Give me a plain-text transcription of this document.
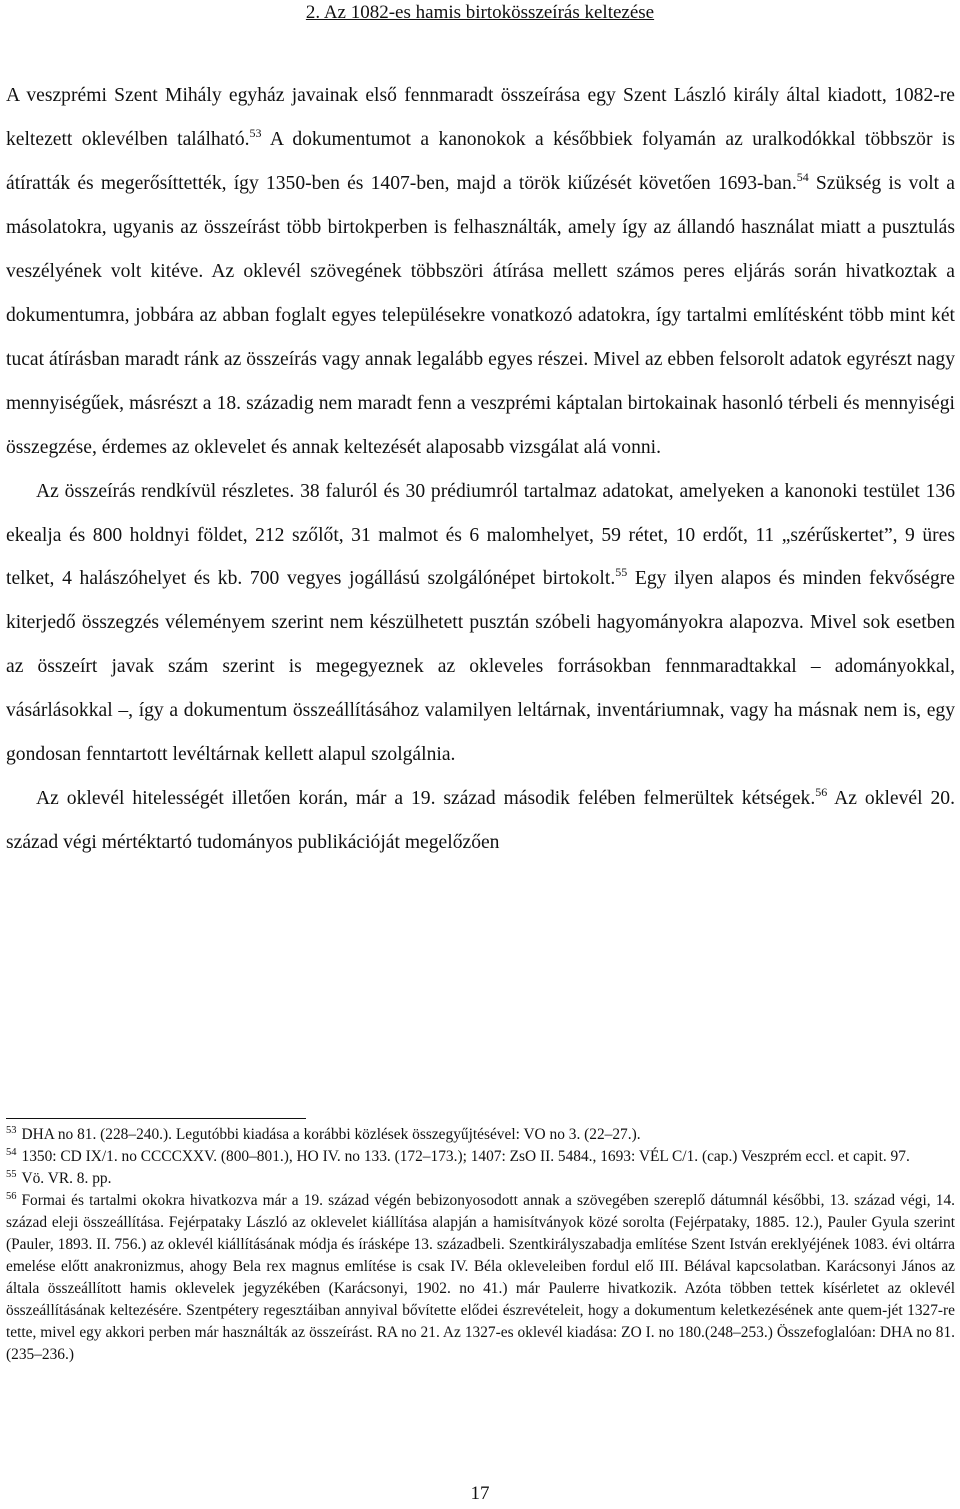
2. Az 1082-es hamis birtokösszeírás keltezése

A veszprémi Szent Mihály egyház javainak első fennmaradt összeírása egy Szent László király által kiadott, 1082-re keltezett oklevélben található.$^{53}$ A dokumentumot a kanonokok a későbbiek folyamán az uralkodókkal többször is átíratták és megerősíttették, így 1350-ben és 1407-ben, majd a török kiűzését követően 1693-ban.$^{54}$ Szükség is volt a másolatokra, ugyanis az összeírást több birtokperben is felhasználták, amely így az állandó használat miatt a pusztulás veszélyének volt kitéve. Az oklevél szövegének többszöri átírása mellett számos peres eljárás során hivatkoztak a dokumentumra, jobbára az abban foglalt egyes településekre vonatkozó adatokra, így tartalmi említésként több mint két tucat átírásban maradt ránk az összeírás vagy annak legalább egyes részei. Mivel az ebben felsorolt adatok egyrészt nagy mennyiségűek, másrészt a 18. századig nem maradt fenn a veszprémi káptalan birtokainak hasonló térbeli és mennyiségi összegzése, érdemes az oklevelet és annak keltezését alaposabb vizsgálat alá vonni.

Az összeírás rendkívül részletes. 38 faluról és 30 prédiumról tartalmaz adatokat, amelyeken a kanonoki testület 136 ekealja és 800 holdnyi földet, 212 szőlőt, 31 malmot és 6 malomhelyet, 59 rétet, 10 erdőt, 11 „szérűskertet”, 9 üres telket, 4 halászóhelyet és kb. 700 vegyes jogállású szolgálónépet birtokolt.$^{55}$ Egy ilyen alapos és minden fekvőségre kiterjedő összegzés véleményem szerint nem készülhetett pusztán szóbeli hagyományokra alapozva. Mivel sok esetben az összeírt javak szám szerint is megegyeznek az okleveles forrásokban fennmaradtakkal – adományokkal, vásárlásokkal –, így a dokumentum összeállításához valamilyen leltárnak, inventáriumnak, vagy ha másnak nem is, egy gondosan fenntartott levéltárnak kellett alapul szolgálnia.

Az oklevél hitelességét illetően korán, már a 19. század második felében felmerültek kétségek.$^{56}$ Az oklevél 20. század végi mértéktartó tudományos publikációját megelőzően

$^{53}$ DHA no 81. (228–240.). Legutóbbi kiadása a korábbi közlések összegyűjtésével: VO no 3. (22–27.).

$^{54}$ 1350: CD IX/1. no CCCCXXV. (800–801.), HO IV. no 133. (172–173.); 1407: ZsO II. 5484., 1693: VÉL C/1. (cap.) Veszprém eccl. et capit. 97.

$^{55}$ Vö. VR. 8. pp.

$^{56}$ Formai és tartalmi okokra hivatkozva már a 19. század végén bebizonyosodott annak a szövegében szereplő dátumnál későbbi, 13. század végi, 14. század eleji összeállítása. Fejérpataky László az oklevelet kiállítása alapján a hamisítványok közé sorolta (Fejérpataky, 1885. 12.), Pauler Gyula szerint (Pauler, 1893. II. 756.) az oklevél kiállításának módja és írásképe 13. századbeli. Szentkirályszabadja említése Szent István ereklyéjének 1083. évi oltárra emelése előtt anakronizmus, ahogy Bela rex magnus említése is csak IV. Béla okleveleiben fordul elő III. Bélával kapcsolatban. Karácsonyi János az általa összeállított hamis oklevelek jegyzékében (Karácsonyi, 1902. no 41.) már Paulerre hivatkozik. Azóta többen tettek kísérletet az oklevél összeállításának keltezésére. Szentpétery regesztáiban annyival bővítette elődei észrevételeit, hogy a dokumentum keletkezésének ante quem-jét 1327-re tette, mivel egy akkori perben már használták az összeírást. RA no 21. Az 1327-es oklevél kiadása: ZO I. no 180.(248–253.) Összefoglalóan: DHA no 81. (235–236.)

17
